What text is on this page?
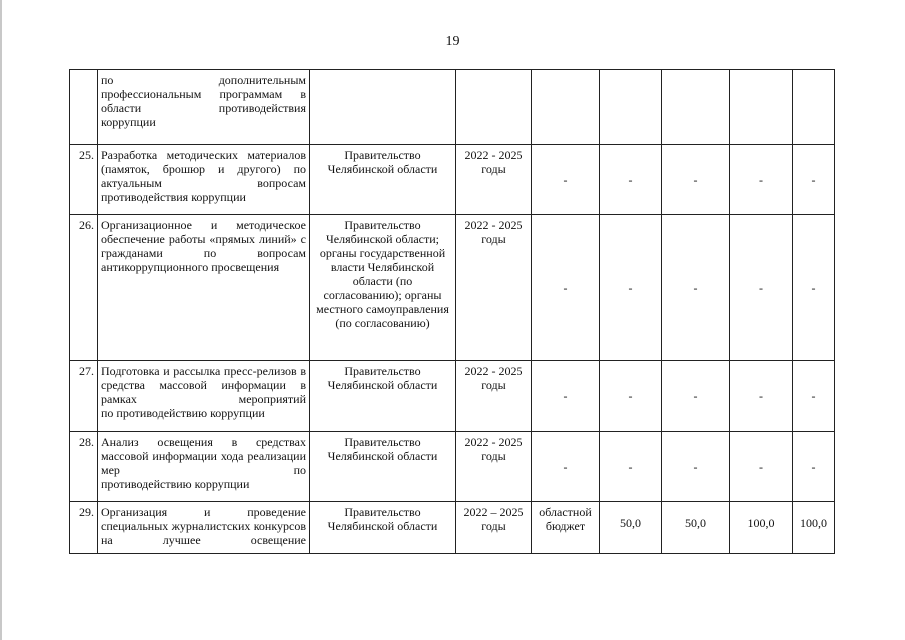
19

	по дополнительным профессиональным программам в области противодействия
коррупции							

25.	Разработка методических материалов (памяток, брошюр и другого) по актуальным вопросам
противодействия коррупции	Правительство Челябинской области	2022 - 2025 годы	-	-	-	-	-
26.	Организационное и методическое обеспечение работы «прямых линий» с гражданами по вопросам
антикоррупционного просвещения	Правительство Челябинской области; органы государственной власти Челябинской области (по согласованию); органы местного самоуправления (по согласованию)	2022 - 2025 годы	-	-	-	-	-
27.	Подготовка и рассылка пресс-релизов в средства массовой информации в рамках мероприятий
по противодействию коррупции	Правительство Челябинской области	2022 - 2025 годы	-	-	-	-	-
28.	Анализ освещения в средствах массовой информации хода реализации мер по
противодействию коррупции	Правительство Челябинской области	2022 - 2025 годы	-	-	-	-	-
29.	Организация и проведение специальных журналистских конкурсов на лучшее освещение	Правительство Челябинской области	2022 – 2025 годы	областной бюджет	50,0	50,0	100,0	100,0
